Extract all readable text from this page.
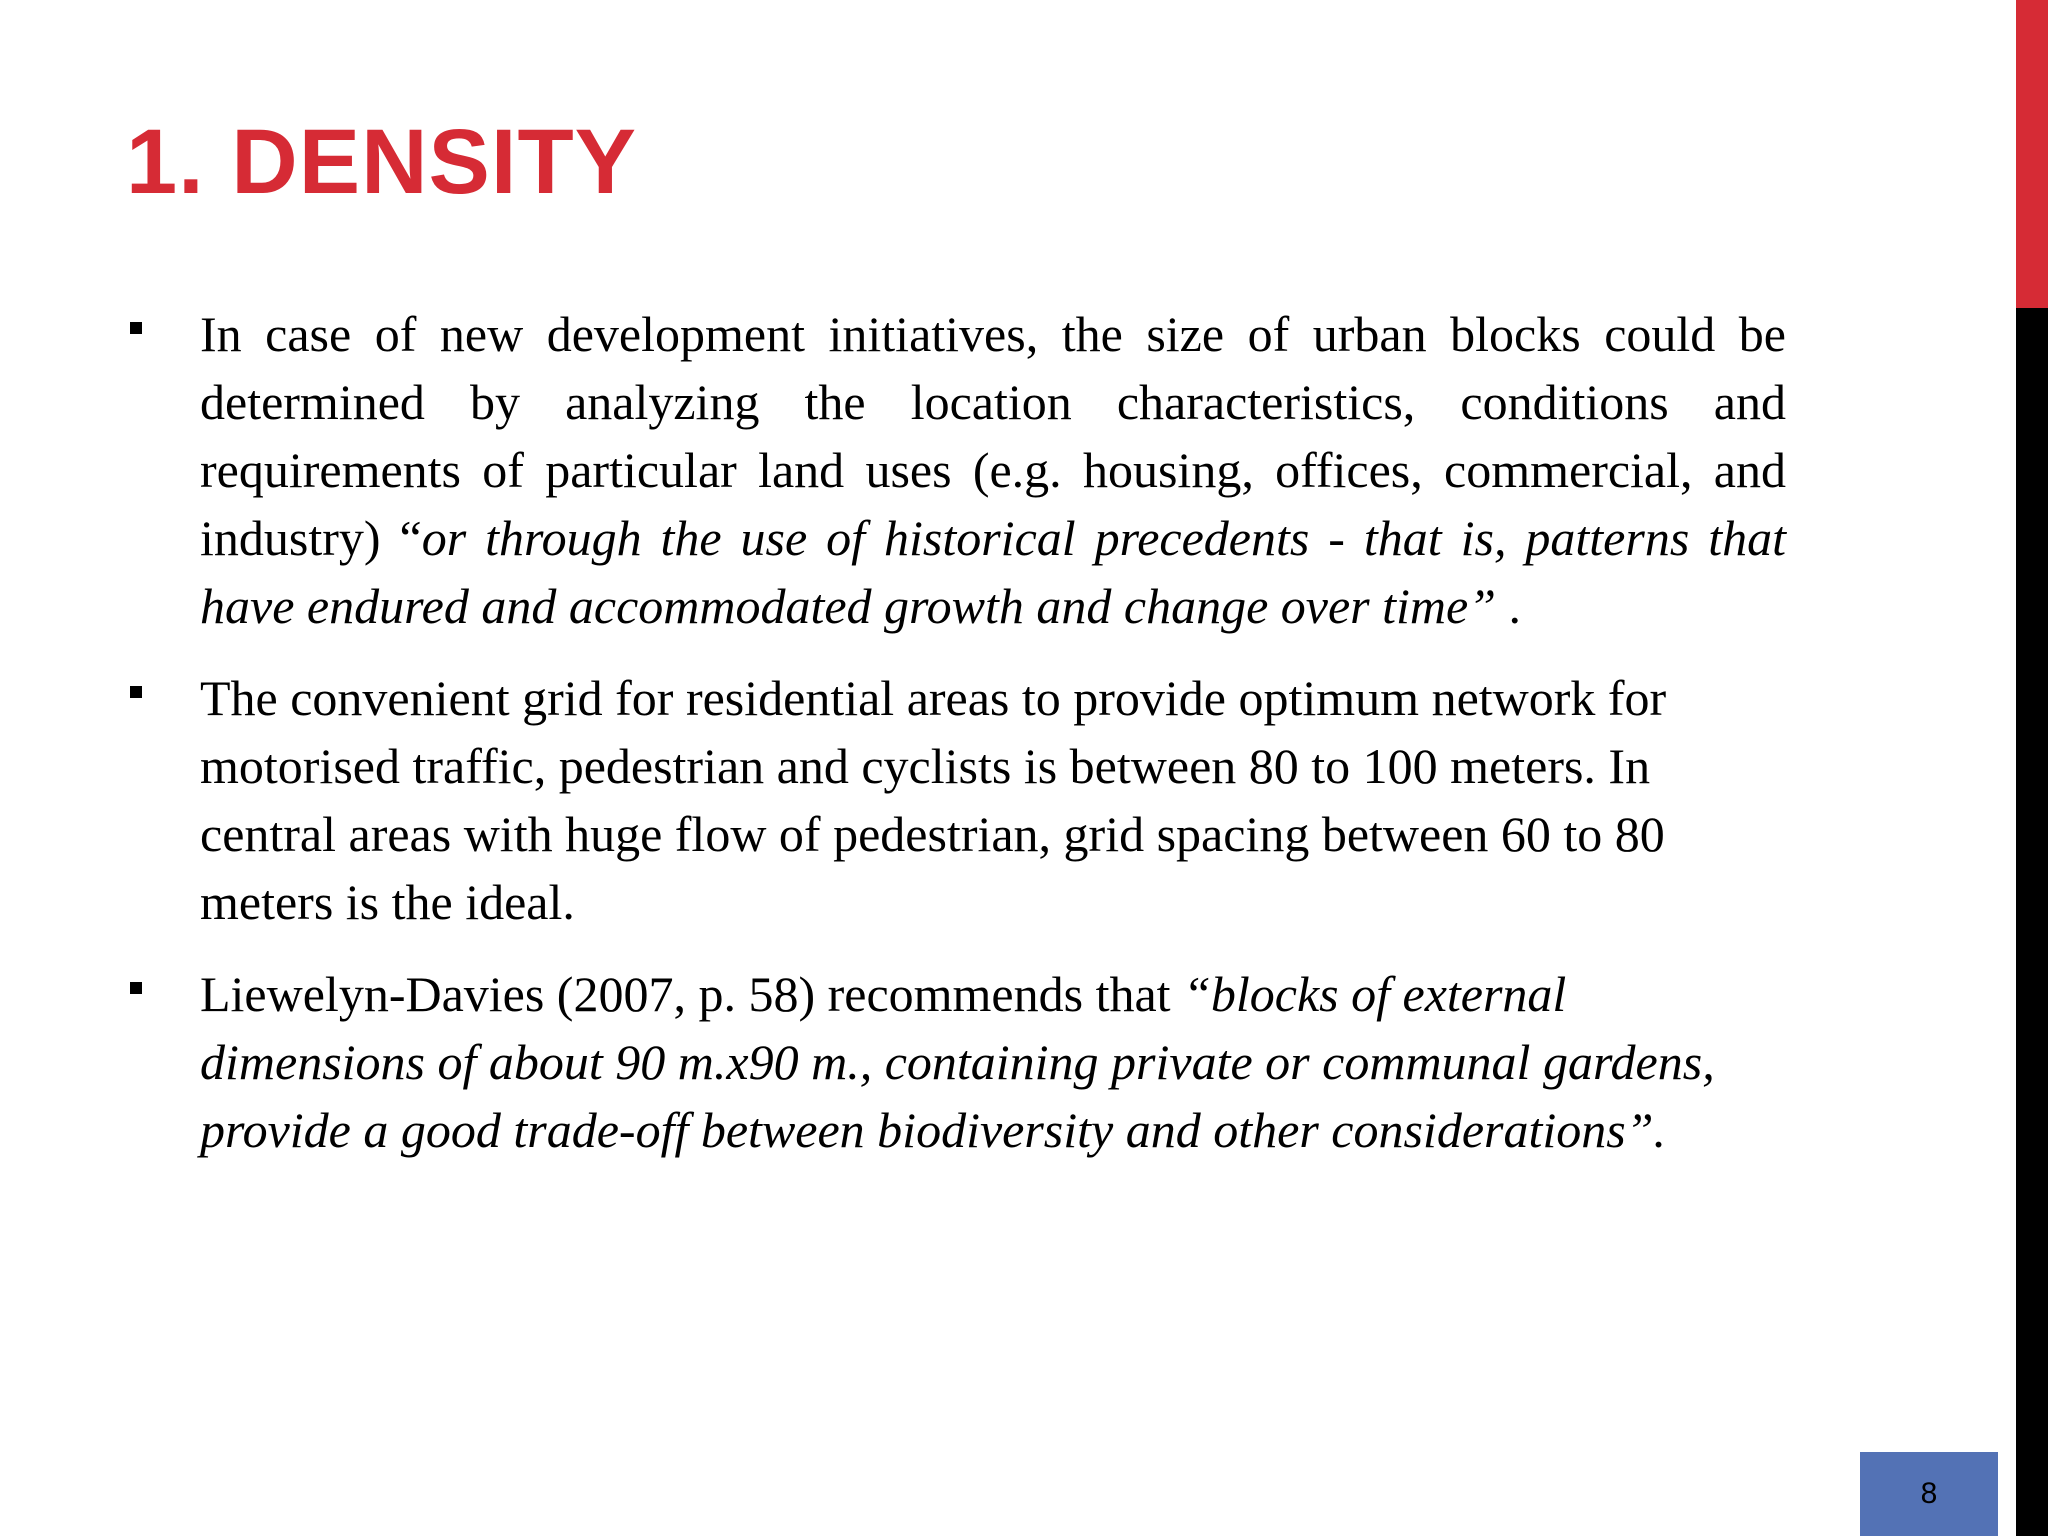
1. DENSITY
In case of new development initiatives, the size of urban blocks could be determined by analyzing the location characteristics, conditions and requirements of particular land uses (e.g. housing, offices, commercial, and industry) “or through the use of historical precedents - that is, patterns that have endured and accommodated growth and change over time” .
The convenient grid for residential areas to provide optimum network for motorised traffic, pedestrian and cyclists is between 80 to 100 meters. In central areas with huge flow of pedestrian, grid spacing between 60 to 80 meters is the ideal.
Liewelyn-Davies (2007, p. 58) recommends that “blocks of external dimensions of about 90 m.x90 m., containing private or communal gardens, provide a good trade-off between biodiversity and other considerations”.
8
